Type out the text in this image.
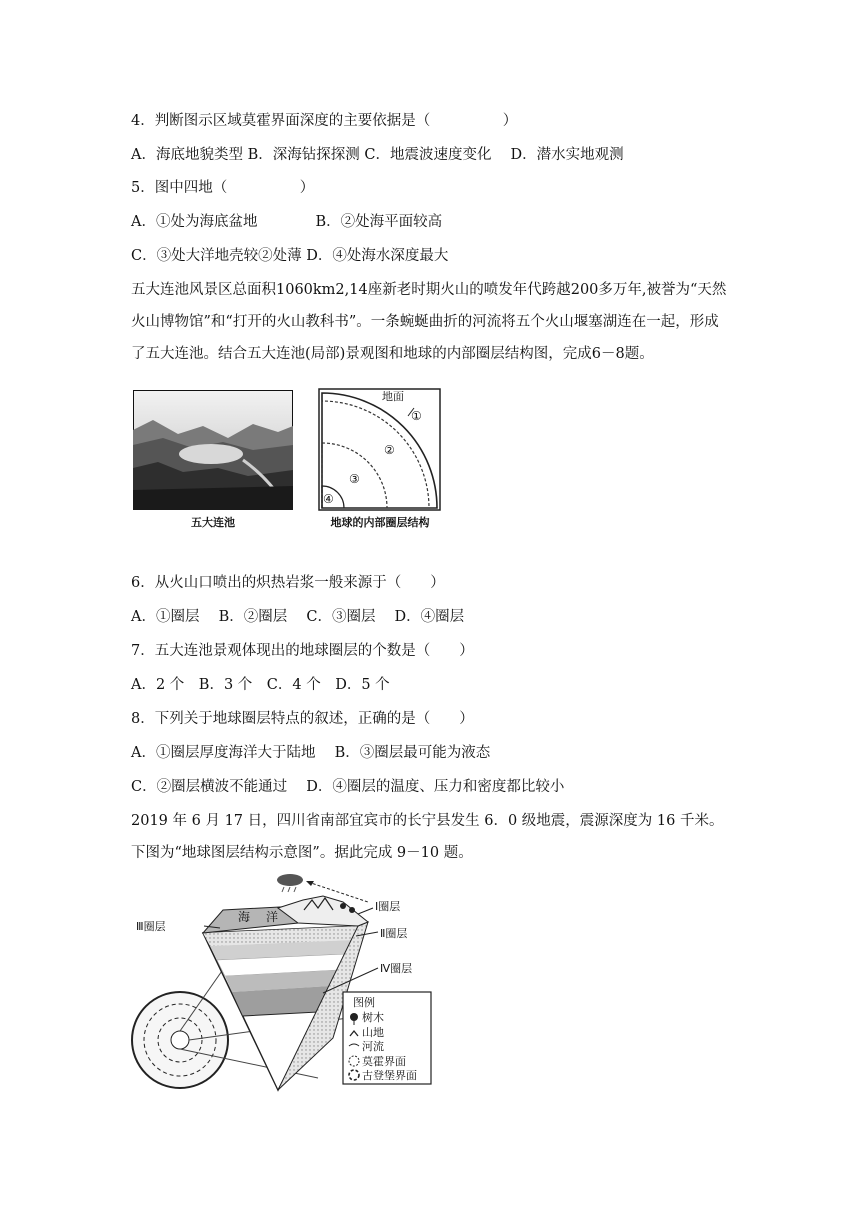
4．判断图示区域莫霍界面深度的主要依据是（　　　　　）
A．海底地貌类型 B．深海钻探探测 C．地震波速度变化　 D．潜水实地观测
5．图中四地（　　　　　）
A．①处为海底盆地　　　　B．②处海平面较高
C．③处大洋地壳较②处薄 D．④处海水深度最大
五大连池风景区总面积1060km2,14座新老时期火山的喷发年代跨越200多万年,被誉为“天然火山博物馆”和“打开的火山教科书”。一条蜿蜒曲折的河流将五个火山堰塞湖连在一起，形成了五大连池。结合五大连池(局部)景观图和地球的内部圈层结构图，完成6－8题。
五大连池
地面
①
②
③
④
地球的内部圈层结构
6．从火山口喷出的炽热岩浆一般来源于（　　）
A．①圈层　 B．②圈层　 C．③圈层　 D．④圈层
7．五大连池景观体现出的地球圈层的个数是（　　）
A．2 个　B．3 个　C．4 个　D．5 个
8．下列关于地球圈层特点的叙述，正确的是（　　）
A．①圈层厚度海洋大于陆地　 B．③圈层最可能为液态
C．②圈层横波不能通过　 D．④圈层的温度、压力和密度都比较小
2019 年 6 月 17 日，四川省南部宜宾市的长宁县发生 6．0 级地震，震源深度为 16 千米。下图为“地球图层结构示意图”。据此完成 9－10 题。
海　洋
Ⅰ圈层
Ⅱ圈层
Ⅲ圈层
Ⅳ圈层
图例
树木
山地
河流
莫霍界面
古登堡界面
